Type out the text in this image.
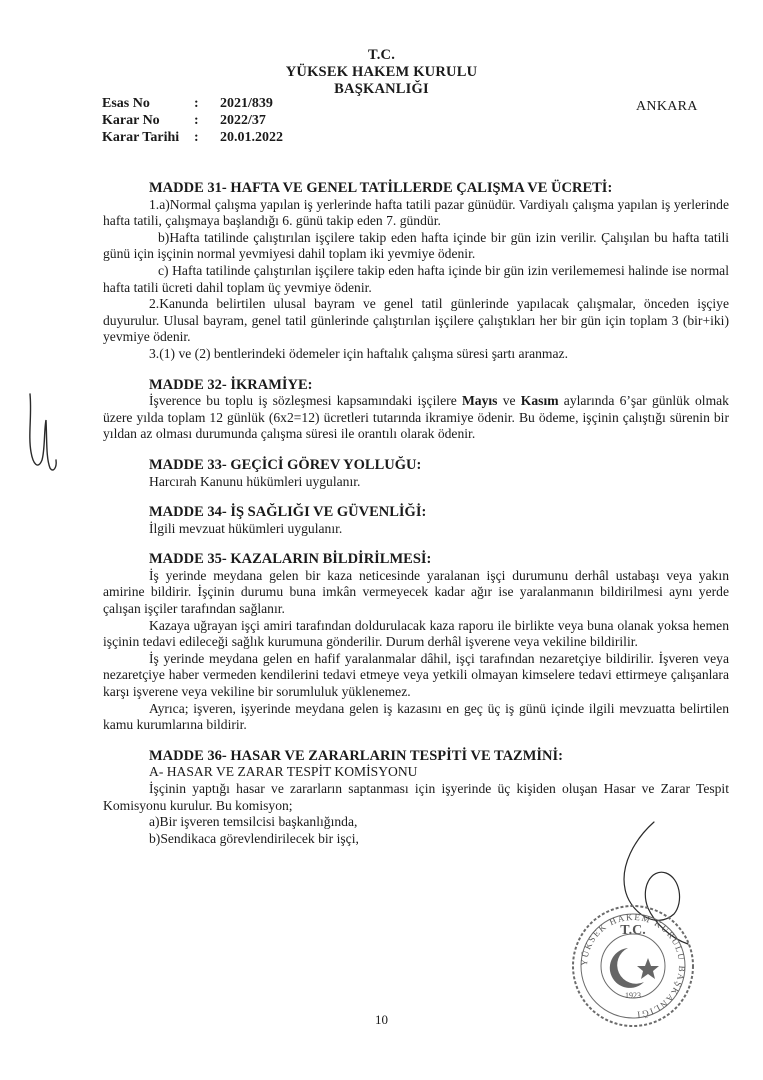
T.C.
YÜKSEK HAKEM KURULU
BAŞKANLIĞI
Esas No	:	2021/839
Karar No	:	2022/37
Karar Tarihi	:	20.01.2022
ANKARA
MADDE 31- HAFTA VE GENEL TATİLLERDE ÇALIŞMA VE ÜCRETİ:
1.a)Normal çalışma yapılan iş yerlerinde hafta tatili pazar günüdür. Vardiyalı çalışma yapılan iş yerlerinde hafta tatili, çalışmaya başlandığı 6. günü takip eden 7. gündür.
b)Hafta tatilinde çalıştırılan işçilere takip eden hafta içinde bir gün izin verilir. Çalışılan bu hafta tatili günü için işçinin normal yevmiyesi dahil toplam iki yevmiye ödenir.
c) Hafta tatilinde çalıştırılan işçilere takip eden hafta içinde bir gün izin verilememesi halinde ise normal hafta tatili ücreti dahil toplam üç yevmiye ödenir.
2.Kanunda belirtilen ulusal bayram ve genel tatil günlerinde yapılacak çalışmalar, önceden işçiye duyurulur. Ulusal bayram, genel tatil günlerinde çalıştırılan işçilere çalıştıkları her bir gün için toplam 3 (bir+iki) yevmiye ödenir.
3.(1) ve (2) bentlerindeki ödemeler için haftalık çalışma süresi şartı aranmaz.
MADDE 32- İKRAMİYE:
İşverence bu toplu iş sözleşmesi kapsamındaki işçilere Mayıs ve Kasım aylarında 6’şar günlük olmak üzere yılda toplam 12 günlük (6x2=12) ücretleri tutarında ikramiye ödenir. Bu ödeme, işçinin çalıştığı sürenin bir yıldan az olması durumunda çalışma süresi ile orantılı olarak ödenir.
MADDE 33- GEÇİCİ GÖREV YOLLUĞU:
Harcırah Kanunu hükümleri uygulanır.
MADDE 34- İŞ SAĞLIĞI VE GÜVENLİĞİ:
İlgili mevzuat hükümleri uygulanır.
MADDE 35- KAZALARIN BİLDİRİLMESİ:
İş yerinde meydana gelen bir kaza neticesinde yaralanan işçi durumunu derhâl ustabaşı veya yakın amirine bildirir. İşçinin durumu buna imkân vermeyecek kadar ağır ise yaralanmanın bildirilmesi aynı yerde çalışan işçiler tarafından sağlanır.
Kazaya uğrayan işçi amiri tarafından doldurulacak kaza raporu ile birlikte veya buna olanak yoksa hemen işçinin tedavi edileceği sağlık kurumuna gönderilir. Durum derhâl işverene veya vekiline bildirilir.
İş yerinde meydana gelen en hafif yaralanmalar dâhil, işçi tarafından nezaretçiye bildirilir. İşveren veya nezaretçiye haber vermeden kendilerini tedavi etmeye veya yetkili olmayan kimselere tedavi ettirmeye çalışanlara karşı işverene veya vekiline bir sorumluluk yüklenemez.
Ayrıca; işveren, işyerinde meydana gelen iş kazasını en geç üç iş günü içinde ilgili mevzuatta belirtilen kamu kurumlarına bildirir.
MADDE 36- HASAR VE ZARARLARIN TESPİTİ VE TAZMİNİ:
A- HASAR VE ZARAR TESPİT KOMİSYONU
İşçinin yaptığı hasar ve zararların saptanması için işyerinde üç kişiden oluşan Hasar ve Zarar Tespit Komisyonu kurulur. Bu komisyon;
a)Bir işveren temsilcisi başkanlığında,
b)Sendikaca görevlendirilecek bir işçi,
YÜKSEK HAKEM KURULU BAŞKANLIĞI
T.C.
1923
10
